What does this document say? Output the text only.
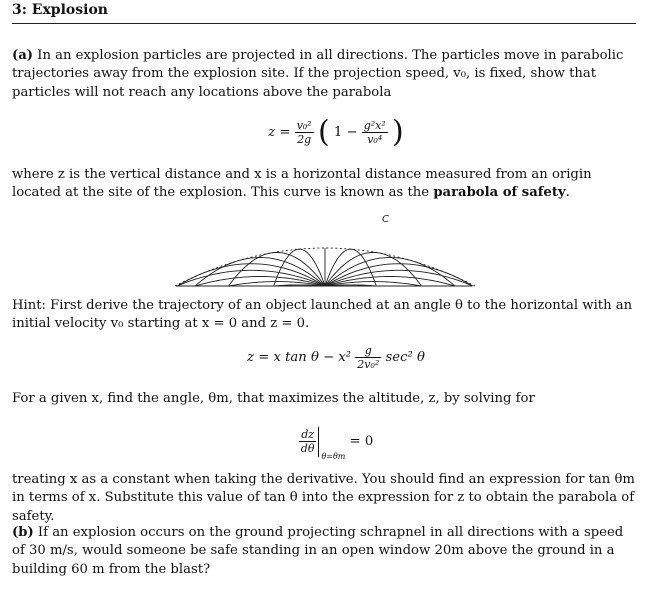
3: Explosion
(a) In an explosion particles are projected in all directions. The particles move in parabolic trajectories away from the explosion site. If the projection speed, v₀, is fixed, show that particles will not reach any locations above the parabola
$z = \frac{\text{v₀²}}{2g}$ ( $1 - \frac{\text{g²x²}}{\text{v₀⁴}}$ )
where z is the vertical distance and x is a horizontal distance measured from an origin located at the site of the explosion. This curve is known as the parabola of safety.
C
Hint: First derive the trajectory of an object launched at an angle θ to the horizontal with an initial velocity v₀ starting at x = 0 and z = 0.
z = x $\tan \theta - x^2 \frac{g}{\text{2v₀²}} \sec^2$ θ
For a given x, find the angle, θm, that maximizes the altitude, z, by solving for
$\frac{dz}{d\theta}$
$_{\theta=\theta m}$ = 0
treating x as a constant when taking the derivative. You should find an expression for tan θm in terms of x. Substitute this value of tan θ into the expression for z to obtain the parabola of safety.
(b) If an explosion occurs on the ground projecting schrapnel in all directions with a speed of 30 m/s, would someone be safe standing in an open window 20m above the ground in a building 60 m from the blast?
